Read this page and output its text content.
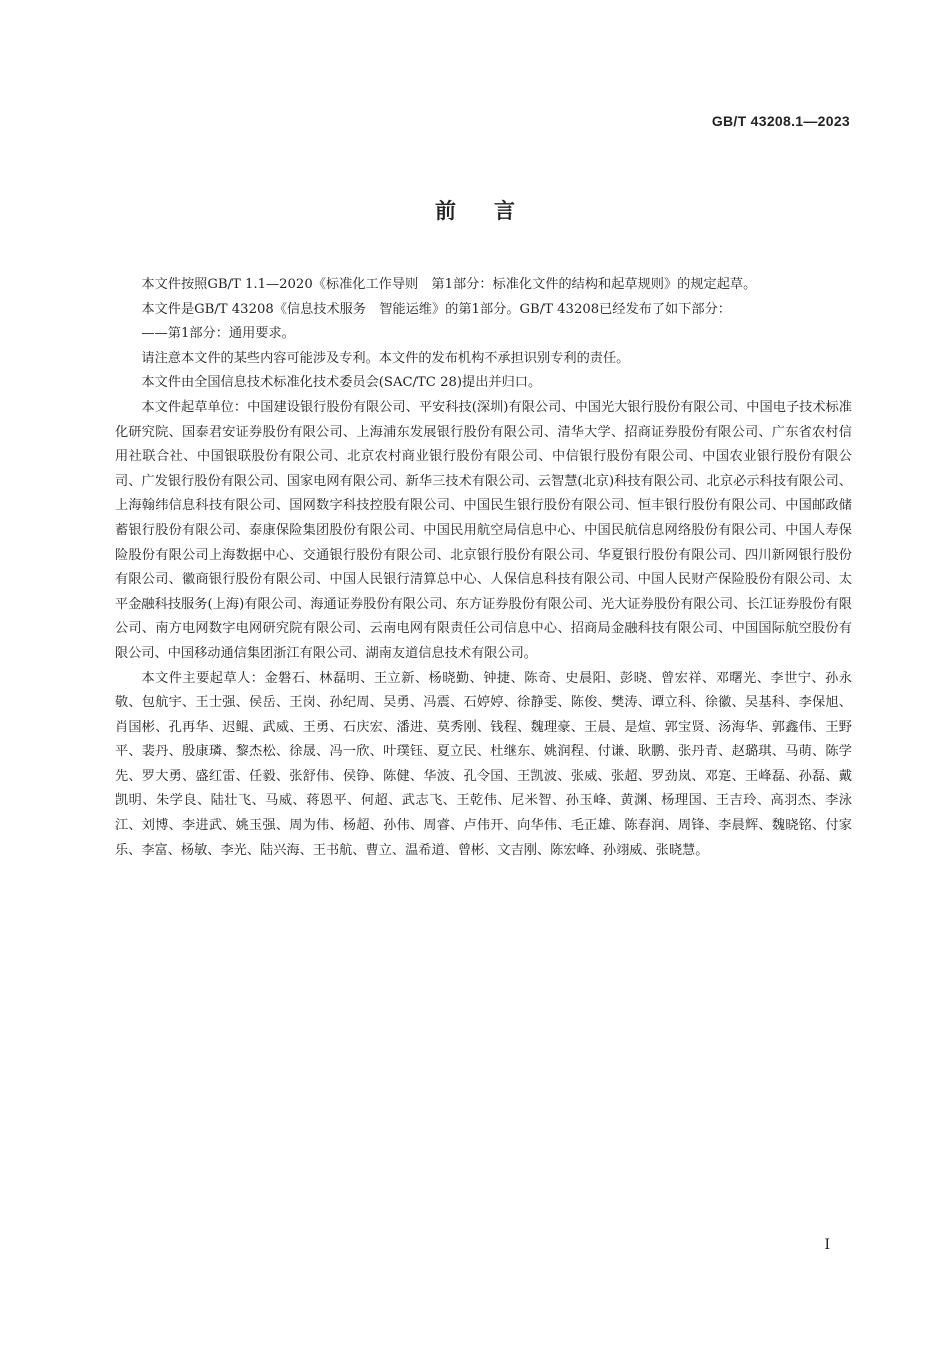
GB/T 43208.1—2023
前言

本文件按照GB/T 1.1—2020《标准化工作导则　第1部分：标准化文件的结构和起草规则》的规定起草。

本文件是GB/T 43208《信息技术服务　智能运维》的第1部分。GB/T 43208已经发布了如下部分：

——第1部分：通用要求。

请注意本文件的某些内容可能涉及专利。本文件的发布机构不承担识别专利的责任。

本文件由全国信息技术标准化技术委员会(SAC/TC 28)提出并归口。

本文件起草单位：中国建设银行股份有限公司、平安科技(深圳)有限公司、中国光大银行股份有限公司、中国电子技术标准化研究院、国泰君安证券股份有限公司、上海浦东发展银行股份有限公司、清华大学、招商证券股份有限公司、广东省农村信用社联合社、中国银联股份有限公司、北京农村商业银行股份有限公司、中信银行股份有限公司、中国农业银行股份有限公司、广发银行股份有限公司、国家电网有限公司、新华三技术有限公司、云智慧(北京)科技有限公司、北京必示科技有限公司、上海翰纬信息科技有限公司、国网数字科技控股有限公司、中国民生银行股份有限公司、恒丰银行股份有限公司、中国邮政储蓄银行股份有限公司、泰康保险集团股份有限公司、中国民用航空局信息中心、中国民航信息网络股份有限公司、中国人寿保险股份有限公司上海数据中心、交通银行股份有限公司、北京银行股份有限公司、华夏银行股份有限公司、四川新网银行股份有限公司、徽商银行股份有限公司、中国人民银行清算总中心、人保信息科技有限公司、中国人民财产保险股份有限公司、太平金融科技服务(上海)有限公司、海通证券股份有限公司、东方证券股份有限公司、光大证券股份有限公司、长江证券股份有限公司、南方电网数字电网研究院有限公司、云南电网有限责任公司信息中心、招商局金融科技有限公司、中国国际航空股份有限公司、中国移动通信集团浙江有限公司、湖南友道信息技术有限公司。

本文件主要起草人：金磐石、林磊明、王立新、杨晓勤、钟捷、陈奇、史晨阳、彭晓、曾宏祥、邓曙光、李世宁、孙永敬、包航宇、王士强、侯岳、王岗、孙纪周、吴勇、冯震、石婷婷、徐静雯、陈俊、樊涛、谭立科、徐徽、吴基科、李保旭、肖国彬、孔再华、迟鲲、武威、王勇、石庆宏、潘进、莫秀刚、钱程、魏理豪、王晨、是煊、郭宝贤、汤海华、郭鑫伟、王野平、裴丹、殷康璘、黎杰松、徐晟、冯一欣、叶璞钰、夏立民、杜继东、姚润程、付谦、耿鹏、张丹青、赵璐琪、马萌、陈学先、罗大勇、盛红雷、任毅、张舒伟、侯铮、陈健、华波、孔令国、王凯波、张威、张超、罗劲岚、邓寔、王峰磊、孙磊、戴凯明、朱学良、陆壮飞、马威、蒋恩平、何超、武志飞、王乾伟、尼米智、孙玉峰、黄渊、杨理国、王吉玲、高羽杰、李泳江、刘博、李进武、姚玉强、周为伟、杨超、孙伟、周睿、卢伟开、向华伟、毛正雄、陈春润、周锋、李晨辉、魏晓铭、付家乐、李富、杨敏、李光、陆兴海、王书航、曹立、温希道、曾彬、文吉刚、陈宏峰、孙翊威、张晓慧。

I
